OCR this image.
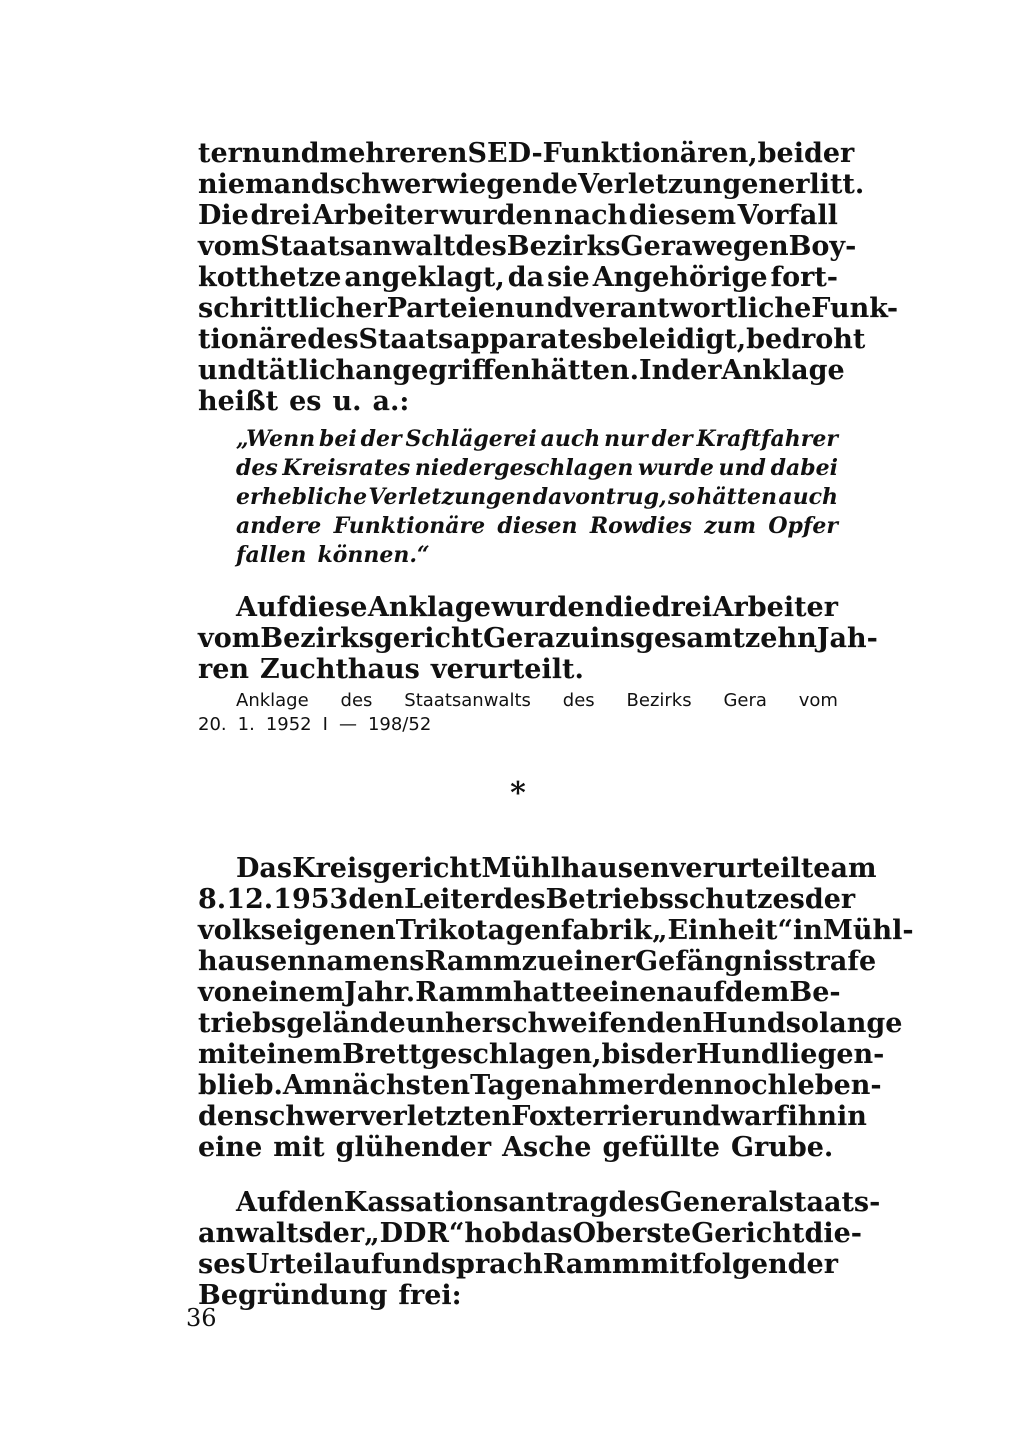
tern und mehreren SED-Funktionären, bei der
niemand schwerwiegende Verletzungen erlitt.
Die drei Arbeiter wurden nach diesem Vorfall
vom Staatsanwalt des Bezirks Gera wegen Boy-
kotthetze angeklagt, da sie Angehörige fort-
schrittlicher Parteien und verantwortliche Funk-
tionäre des Staatsapparates beleidigt, bedroht
und tätlich angegriffen hätten. In der Anklage
heißt es u. a.:
„Wenn bei der Schlägerei auch nur der Kraftfahrer
des Kreisrates niedergeschlagen wurde und dabei
erhebliche Verletzungen davontrug, so hätten auch
andere Funktionäre diesen Rowdies zum Opfer
fallen können.“
Auf diese Anklage wurden die drei Arbeiter
vom Bezirksgericht Gera zu insgesamt zehn Jah-
ren Zuchthaus verurteilt.
Anklage des Staatsanwalts des Bezirks Gera vom
20. 1. 1952 I — 198/52
*
Das Kreisgericht Mühlhausen verurteilte am
8. 12. 1953 den Leiter des Betriebsschutzes der
volkseigenen Trikotagenfabrik „Einheit“ in Mühl-
hausen namens R a m m zu einer Gefängnisstrafe
von einem Jahr. Ramm hatte einen auf dem Be-
triebsgelände unherschweifenden Hund so lange
mit einem Brett geschlagen, bis der Hund liegen-
blieb. Am nächsten Tage nahm er den noch leben-
den schwerverletzten Foxterrier und warf ihn in
eine mit glühender Asche gefüllte Grube.
Auf den Kassationsantrag des Generalstaats-
anwalts der „DDR“ hob das Oberste Gericht die-
ses Urteil auf und sprach Ramm mit folgender
Begründung frei:
36
